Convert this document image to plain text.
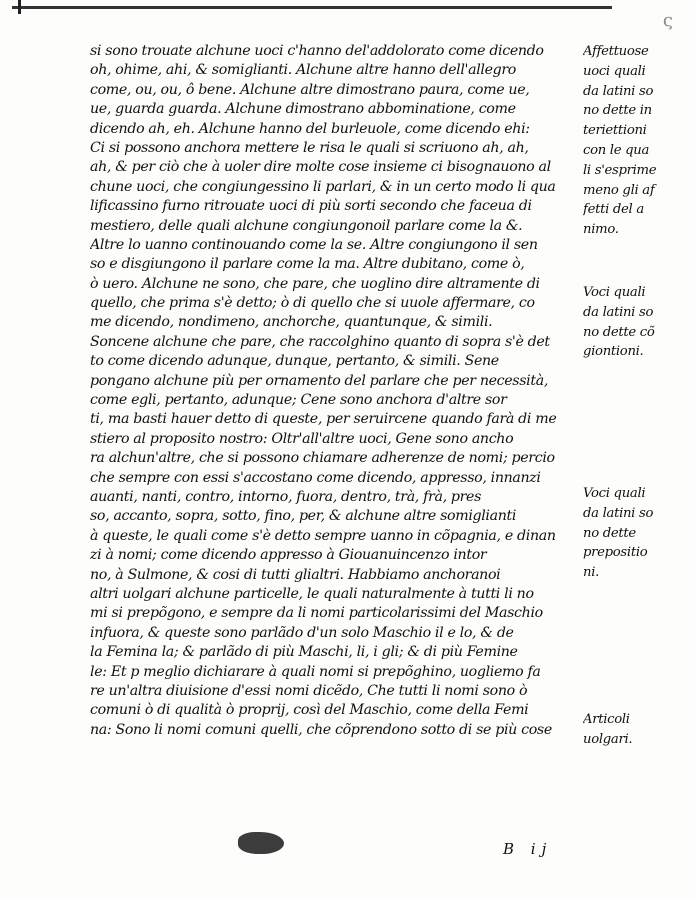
ς
si sono trouate alchune uoci c'hanno del'addolorato come dicendo
oh, ohime, ahi, & somiglianti. Alchune altre hanno dell'allegro
come, ou, ou, ô bene. Alchune altre dimostrano paura, come ue,
ue, guarda guarda. Alchune dimostrano abbominatione, come
dicendo ah, eh. Alchune hanno del burleuole, come dicendo ehi:
Ci si possono anchora mettere le risa le quali si scriuono ah, ah,
ah, & per ciò che à uoler dire molte cose insieme ci bisognauono al
chune uoci, che congiungessino li parlari, & in un certo modo li qua
lificassino furno ritrouate uoci di più sorti secondo che faceua di
mestiero, delle quali alchune congiungonoil parlare come la &.
Altre lo uanno continouando come la se. Altre congiungono il sen
so e disgiungono il parlare come la ma. Altre dubitano, come ò,
ò uero. Alchune ne sono, che pare, che uoglino dire altramente di
quello, che prima s'è detto; ò di quello che si uuole affermare, co
me dicendo, nondimeno, anchorche, quantunque, & simili.
Soncene alchune che pare, che raccolghino quanto di sopra s'è det
to come dicendo adunque, dunque, pertanto, & simili. Sene
pongano alchune più per ornamento del parlare che per necessità,
come egli, pertanto, adunque; Cene sono anchora d'altre sor
ti, ma basti hauer detto di queste, per seruircene quando farà di me
stiero al proposito nostro: Oltr'all'altre uoci, Gene sono ancho
ra alchun'altre, che si possono chiamare adherenze de nomi; percio
che sempre con essi s'accostano come dicendo, appresso, innanzi
auanti, nanti, contro, intorno, fuora, dentro, trà, frà, pres
so, accanto, sopra, sotto, fino, per, & alchune altre somiglianti
à queste, le quali come s'è detto sempre uanno in cõpagnia, e dinan
zi à nomi; come dicendo appresso à Giouanuincenzo intor
no, à Sulmone, & cosi di tutti glialtri. Habbiamo anchoranoi
altri uolgari alchune particelle, le quali naturalmente à tutti li no
mi si prepõgono, e sempre da li nomi particolarissimi del Maschio
infuora, & queste sono parlãdo d'un solo Maschio il e lo, & de
la Femina la; & parlãdo di più Maschi, li, i gli; & di più Femine
le: Et p meglio dichiarare à quali nomi si prepõghino, uogliemo fa
re un'altra diuisione d'essi nomi dicẽdo, Che tutti li nomi sono ò
comuni ò di qualità ò proprij, così del Maschio, come della Femi
na: Sono li nomi comuni quelli, che cõprendono sotto di se più cose
Affettuose
uoci quali
da latini so
no dette in
teriettioni
con le qua
li s'esprime
meno gli af
fetti del a
nimo.
Voci quali
da latini so
no dette cõ
giontioni.
Voci quali
da latini so
no dette
prepositio
ni.
Articoli
uolgari.
B ij
